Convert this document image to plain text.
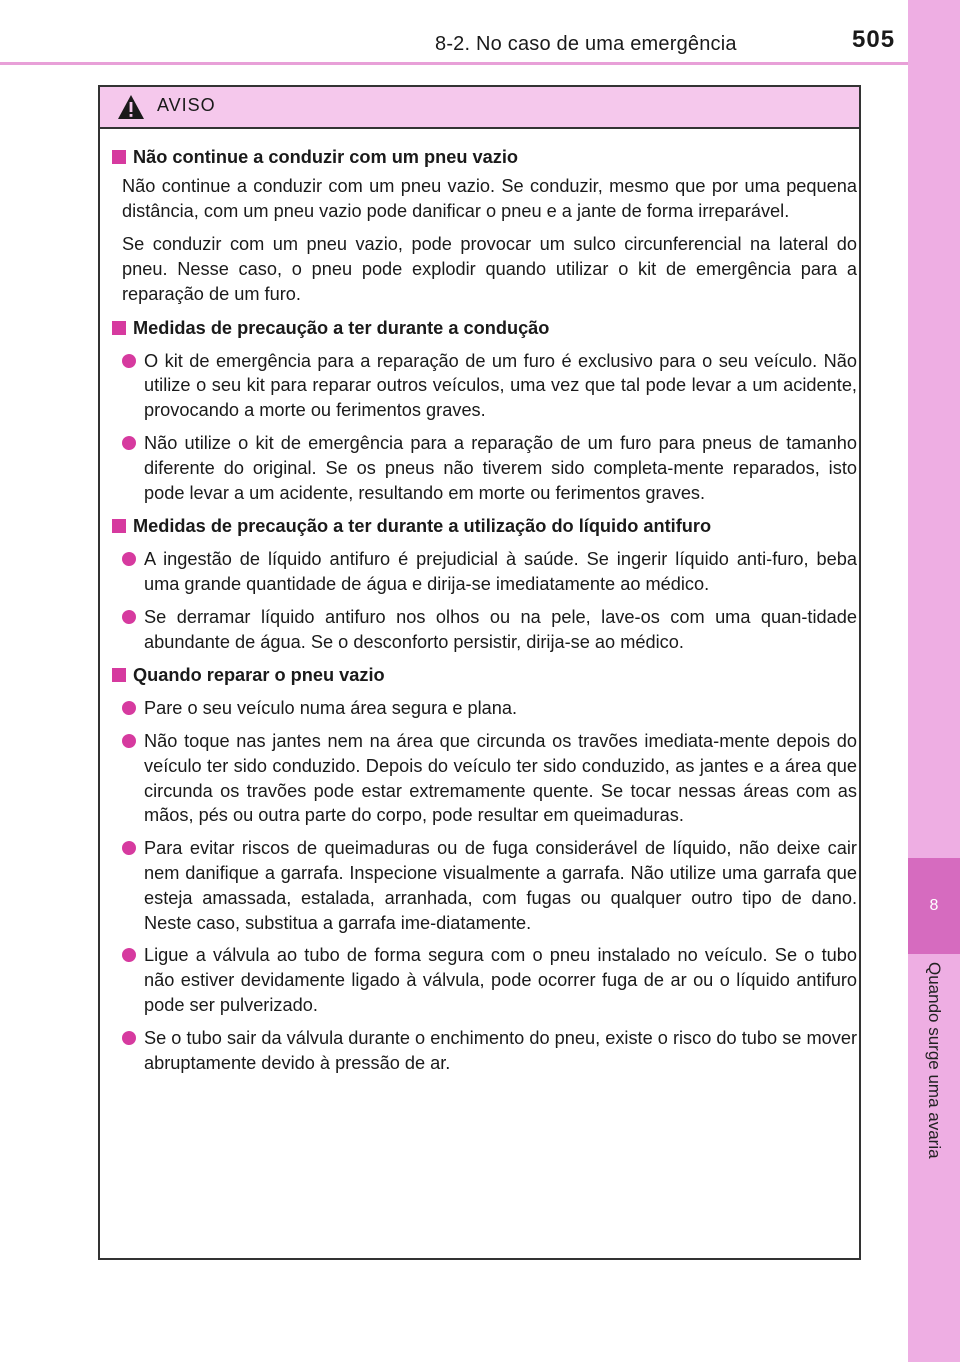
8-2. No caso de uma emergência	505
8
Quando surge uma avaria
AVISO
Não continue a conduzir com um pneu vazio
Não continue a conduzir com um pneu vazio. Se conduzir, mesmo que por uma pequena distância, com um pneu vazio pode danificar o pneu e a jante de forma irreparável.
Se conduzir com um pneu vazio, pode provocar um sulco circunferencial na lateral do pneu. Nesse caso, o pneu pode explodir quando utilizar o kit de emergência para a reparação de um furo.
Medidas de precaução a ter durante a condução
O kit de emergência para a reparação de um furo é exclusivo para o seu veículo. Não utilize o seu kit para reparar outros veículos, uma vez que tal pode levar a um acidente, provocando a morte ou ferimentos graves.
Não utilize o kit de emergência para a reparação de um furo para pneus de tamanho diferente do original. Se os pneus não tiverem sido completa-mente reparados, isto pode levar a um acidente, resultando em morte ou ferimentos graves.
Medidas de precaução a ter durante a utilização do líquido antifuro
A ingestão de líquido antifuro é prejudicial à saúde. Se ingerir líquido anti-furo, beba uma grande quantidade de água e dirija-se imediatamente ao médico.
Se derramar líquido antifuro nos olhos ou na pele, lave-os com uma quan-tidade abundante de água. Se o desconforto persistir, dirija-se ao médico.
Quando reparar o pneu vazio
Pare o seu veículo numa área segura e plana.
Não toque nas jantes nem na área que circunda os travões imediata-mente depois do veículo ter sido conduzido. Depois do veículo ter sido conduzido, as jantes e a área que circunda os travões pode estar extremamente quente. Se tocar nessas áreas com as mãos, pés ou outra parte do corpo, pode resultar em queimaduras.
Para evitar riscos de queimaduras ou de fuga considerável de líquido, não deixe cair nem danifique a garrafa. Inspecione visualmente a garrafa. Não utilize uma garrafa que esteja amassada, estalada, arranhada, com fugas ou qualquer outro tipo de dano. Neste caso, substitua a garrafa ime-diatamente.
Ligue a válvula ao tubo de forma segura com o pneu instalado no veículo. Se o tubo não estiver devidamente ligado à válvula, pode ocorrer fuga de ar ou o líquido antifuro pode ser pulverizado.
Se o tubo sair da válvula durante o enchimento do pneu, existe o risco do tubo se mover abruptamente devido à pressão de ar.
